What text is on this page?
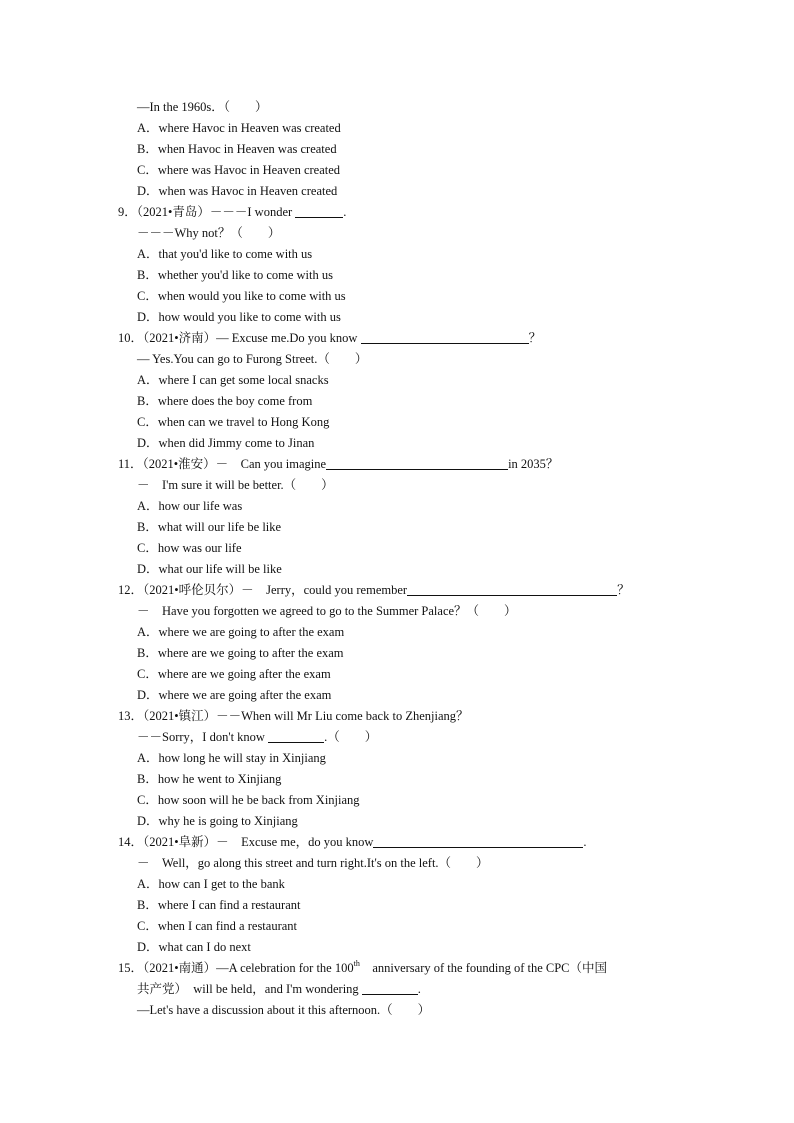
—In the 1960s．（　　）
A．where Havoc in Heaven was created
B．when Havoc in Heaven was created
C．where was Havoc in Heaven created
D．when was Havoc in Heaven created
9．（2021•青岛）－－－I wonder	.
－－－Why not？（　　）
A．that you'd like to come with us
B．whether you'd like to come with us
C．when would you like to come with us
D．how would you like to come with us
10．（2021•济南）— Excuse me.Do you know	？
— Yes.You can go to Furong Street.（　　）
A．where I can get some local snacks
B．where does the boy come from
C．when can we travel to Hong Kong
D．when did Jimmy come to Jinan
11．（2021•淮安）－　Can you imagine	in 2035？
－　I'm sure it will be better.（　　）
A．how our life was
B．what will our life be like
C．how was our life
D．what our life will be like
12．（2021•呼伦贝尔）－　Jerry，could you remember	？
－　Have you forgotten we agreed to go to the Summer Palace？（　　）
A．where we are going to after the exam
B．where are we going to after the exam
C．where are we going after the exam
D．where we are going after the exam
13．（2021•镇江）－－When will Mr Liu come back to Zhenjiang？
－－Sorry，I don't know	.（　　）
A．how long he will stay in Xinjiang
B．how he went to Xinjiang
C．how soon will he be back from Xinjiang
D．why he is going to Xinjiang
14．（2021•阜新）－　Excuse me，do you know	.
－　Well，go along this street and turn right.It's on the left.（　　）
A．how can I get to the bank
B．where I can find a restaurant
C．when I can find a restaurant
D．what can I do next
15．（2021•南通）—A celebration for the 100th　anniversary of the founding of the CPC（中国
共产党）　will be held，and I'm wondering	.
—Let's have a discussion about it this afternoon.（　　）
